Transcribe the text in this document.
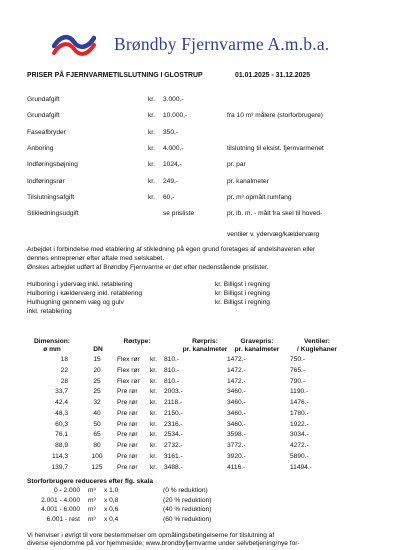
Brøndby Fjernvarme A.m.b.a.
PRISER PÅ FJERNVARMETILSLUTNING I GLOSTRUP	01.01.2025 - 31.12.2025
Grundafgift	kr. 3.000,-
Grundafgift	kr. 10.000,-	fra 10 m³ målere (storforbrugere)
Faseafbryder	kr. 350,-
Anboring	kr. 4.000,-	tilslutning til eksist. fjernvarmenet
Indføringsbøjning	kr. 1024,-	pr. par
Indføringsrør	kr. 249,-	pr. kanalmeter
Tilslutningsafgift	kr. 60,-	pr. m³ opmålt rumfang
Stikledningsudgift	se prisliste	pr. lb. m. - målt fra skel til hoved-
ventiler v. ydervæg/kælderværg
Arbejdet i forbindelse med etablering af stikledning på egen grund foretages af andelshaveren eller
dennes entreprenør efter aftale med selskabet.
Ønskes arbejdet udført af Brøndby Fjernvarme er det efter nedenstående prislister.
Hulboring i ydervæg inkl. retablering	kr. Billigst i regning
Hulboring i kælderværg inkl. retablering	kr. Billigst i regning
Hulhugning gennem væg og gulv	kr. Billigst i regning
inkl. retablering
Dimension:	Rørtype:	Rørpris:	Gravepris:	Ventiler:
ø mm	DN	pr. kanalmeter	pr. kanalmeter	/ Kuglehaner
18	15	Flex rør kr. 810.-	1472.-	750.-
22	20	Flex rør kr. 810.-	1472.-	765.-
28	25	Flex rør kr. 810.-	1472.-	790.-
33,7	25	Pre rør kr. 2003.-	3460.-	1190.-
42,4	32	Pre rør kr. 2118.-	3460.-	1476.-
48,3	40	Pre rør kr. 2150.-	3460.-	1780.-
60,3	50	Pre rør kr. 2316.-	3460.-	1922.-
76,1	65	Pre rør kr. 2534.-	3598.-	3034.-
88,9	80	Pre rør kr. 2732.-	3772.-	4272.-
114,3	100	Pre rør kr. 3161.-	3920.-	5890.-
139,7	125	Pre rør kr. 3488.-	4116.-	11494.-
Storforbrugere reduceres efter flg. skala
0 - 2.000 m³ x 1,0	(0 % reduktion)
2.001 - 4.000 m³ x 0,8	(20 % reduktion)
4.001 - 6.000 m³ x 0,6	(40 % reduktion)
6.001 - rest m³ x 0,4	(60 % reduktion)
Vi henviser i øvrigt til vore bestemmelser om opmålingsbetingelserne for tilslutning af
diverse ejendomme på vor hjemmeside; www.brondbyfjernvarme under selvbetjening/nye for-
